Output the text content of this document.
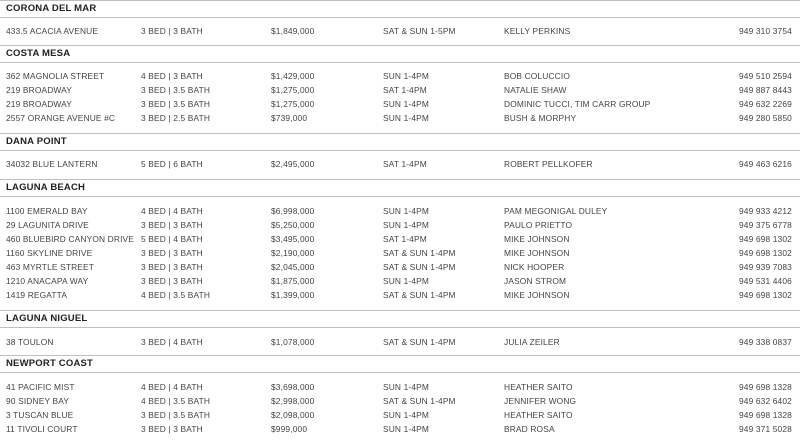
CORONA DEL MAR
433.5 ACACIA AVENUE	3 BED | 3 BATH	$1,849,000	SAT & SUN 1-5PM	KELLY PERKINS	949 310 3754
COSTA MESA
362 MAGNOLIA STREET	4 BED | 3 BATH	$1,429,000	SUN 1-4PM	BOB COLUCCIO	949 510 2594
219 BROADWAY	3 BED | 3.5 BATH	$1,275,000	SAT 1-4PM	NATALIE SHAW	949 887 8443
219 BROADWAY	3 BED | 3.5 BATH	$1,275,000	SUN 1-4PM	DOMINIC TUCCI, TIM CARR GROUP	949 632 2269
2557 ORANGE AVENUE #C	3 BED | 2.5 BATH	$739,000	SUN 1-4PM	BUSH & MORPHY	949 280 5850
DANA POINT
34032 BLUE LANTERN	5 BED | 6 BATH	$2,495,000	SAT 1-4PM	ROBERT PELLKOFER	949 463 6216
LAGUNA BEACH
1100 EMERALD BAY	4 BED | 4 BATH	$6,998,000	SUN 1-4PM	PAM MEGONIGAL DULEY	949 933 4212
29 LAGUNITA DRIVE	3 BED | 3 BATH	$5,250,000	SUN 1-4PM	PAULO PRIETTO	949 375 6778
460 BLUEBIRD CANYON DRIVE 5 BED | 4 BATH	$3,495,000	SAT 1-4PM	MIKE JOHNSON	949 698 1302
1160 SKYLINE DRIVE	3 BED | 3 BATH	$2,190,000	SAT & SUN 1-4PM	MIKE JOHNSON	949 698 1302
463 MYRTLE STREET	3 BED | 3 BATH	$2,045,000	SAT & SUN 1-4PM	NICK HOOPER	949 939 7083
1210 ANACAPA WAY	3 BED | 3 BATH	$1,875,000	SUN 1-4PM	JASON STROM	949 531 4406
1419 REGATTA	4 BED | 3.5 BATH	$1,399,000	SAT & SUN 1-4PM	MIKE JOHNSON	949 698 1302
LAGUNA NIGUEL
38 TOULON	3 BED | 4 BATH	$1,078,000	SAT & SUN 1-4PM	JULIA ZEILER	949 338 0837
NEWPORT COAST
41 PACIFIC MIST	4 BED | 4 BATH	$3,698,000	SUN 1-4PM	HEATHER SAITO	949 698 1328
90 SIDNEY BAY	4 BED | 3.5 BATH	$2,998,000	SAT & SUN 1-4PM	JENNIFER WONG	949 632 6402
3 TUSCAN BLUE	3 BED | 3.5 BATH	$2,098,000	SUN 1-4PM	HEATHER SAITO	949 698 1328
11 TIVOLI COURT	3 BED | 3 BATH	$999,000	SUN 1-4PM	BRAD ROSA	949 371 5028
